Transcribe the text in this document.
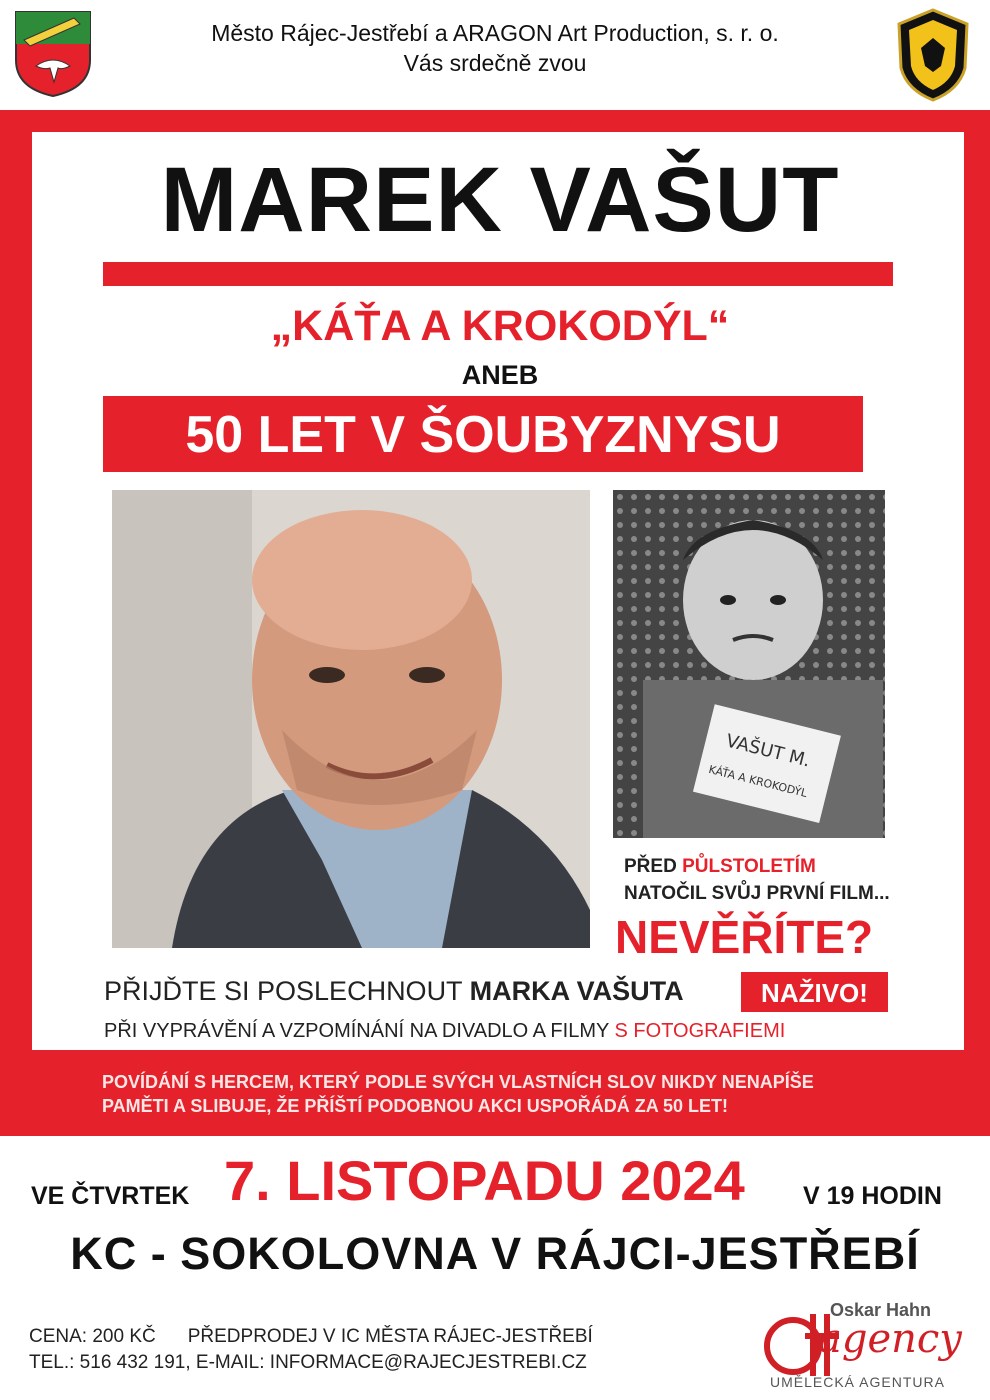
Město Rájec-Jestřebí a ARAGON Art Production, s. r. o.
Vás srdečně zvou
MAREK VAŠUT
„KÁŤA A KROKODÝL“
ANEB
50 LET V ŠOUBYZNYSU
VAŠUT M.
KÁŤA A KROKODÝL
PŘED PŮLSTOLETÍM
NATOČIL SVŮJ PRVNÍ FILM...
NEVĚŘÍTE?
PŘIJĎTE SI POSLECHNOUT MARKA VAŠUTA	NAŽIVO!
PŘI VYPRÁVĚNÍ A VZPOMÍNÁNÍ NA DIVADLO A FILMY S FOTOGRAFIEMI
POVÍDÁNÍ S HERCEM, KTERÝ PODLE SVÝCH VLASTNÍCH SLOV NIKDY NENAPÍŠE
PAMĚTI A SLIBUJE, ŽE PŘÍŠTÍ PODOBNOU AKCI USPOŘÁDÁ ZA 50 LET!
VE ČTVRTEK 7. LISTOPADU 2024 V 19 HODIN
KC - SOKOLOVNA V RÁJCI-JESTŘEBÍ
CENA: 200 KČ PŘEDPRODEJ V IC MĚSTA RÁJEC-JESTŘEBÍ
TEL.: 516 432 191, E-MAIL: INFORMACE@RAJECJESTREBI.CZ
Oskar Hahn
agency
UMĚLECKÁ AGENTURA
